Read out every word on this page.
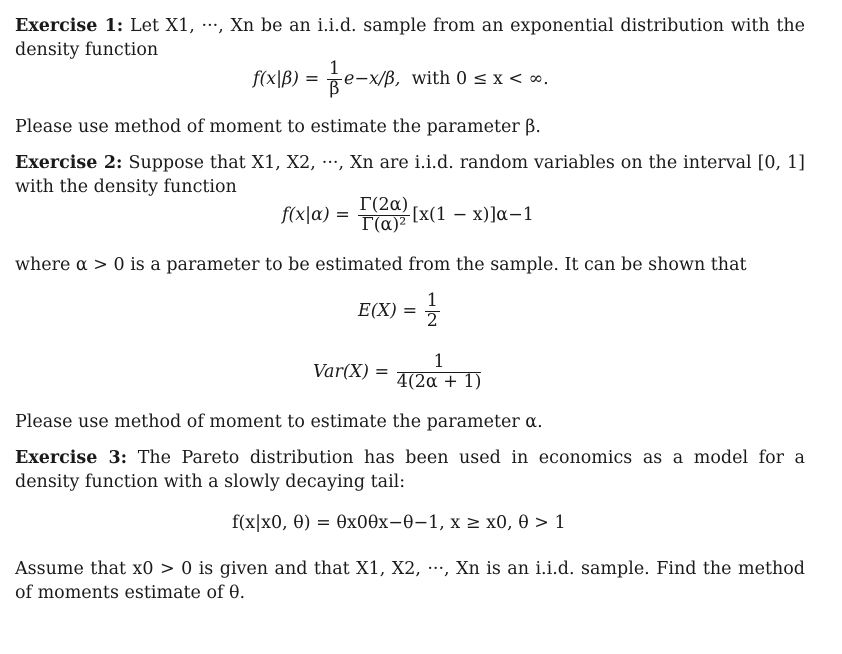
Exercise 1: Let X1, ···, Xn be an i.i.d. sample from an exponential distribution with the density function
$f(x|\beta) = \frac{1}{\beta} e-x/\beta$, with 0 ≤ x < ∞.
Please use method of moment to estimate the parameter β.
Exercise 2: Suppose that X1, X2, ···, Xn are i.i.d. random variables on the interval [0, 1] with the density function
$f(x|\alpha) = \frac{\Gamma(2\alpha)}{\text{Γ(α)²}} [x(1 - x)]\alpha-1$
where α > 0 is a parameter to be estimated from the sample. It can be shown that
$E(X) = \frac{1}{2}$
$Var(X) = \frac{1}{4(2\alpha + 1)}$
Please use method of moment to estimate the parameter α.
Exercise 3: The Pareto distribution has been used in economics as a model for a density function with a slowly decaying tail:
f(x|x0, θ) = θx0θx−θ−1, x ≥ x0, θ > 1
Assume that x0 > 0 is given and that X1, X2, ···, Xn is an i.i.d. sample. Find the method of moments estimate of θ.
